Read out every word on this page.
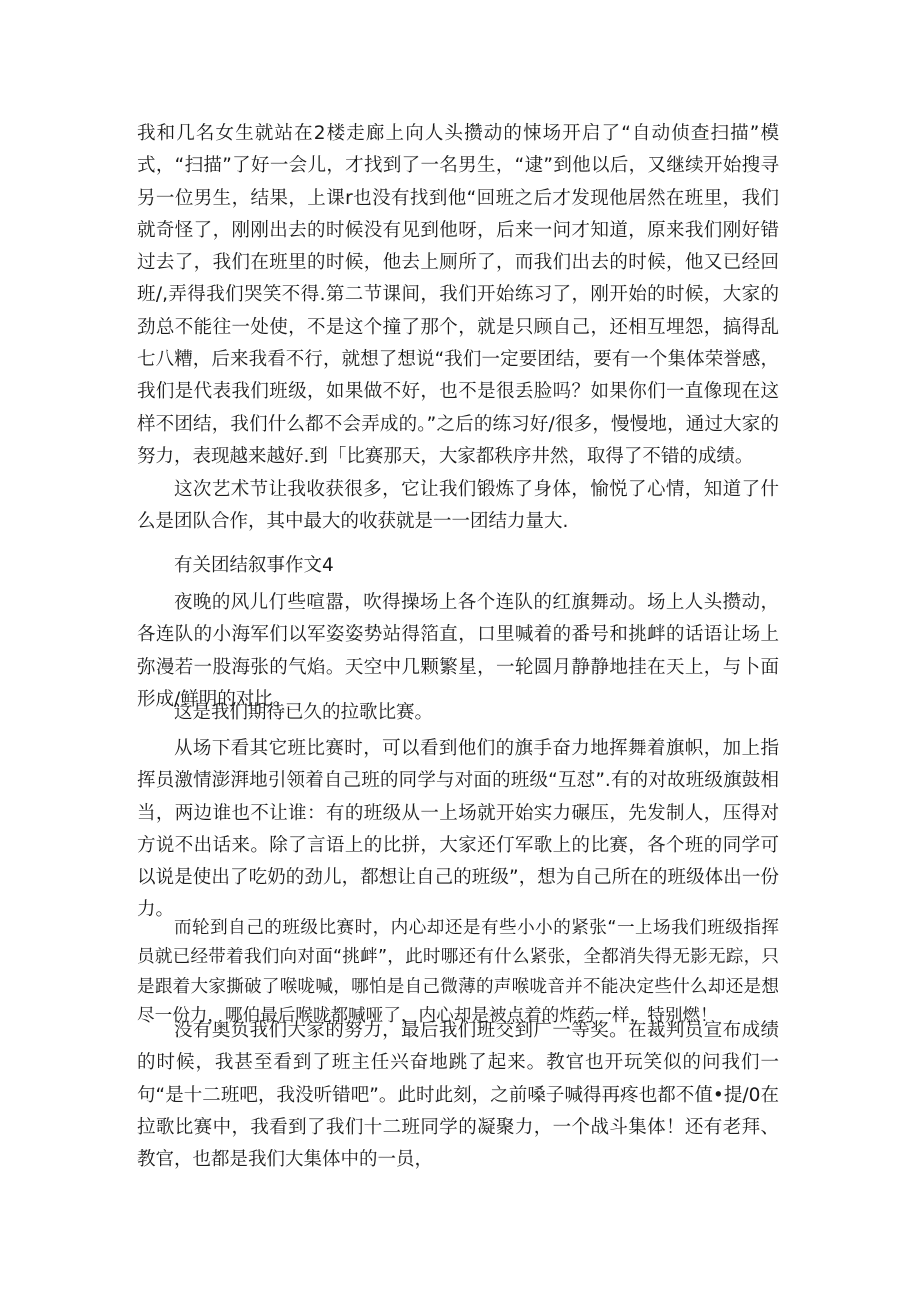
我和几名女生就站在2楼走廊上向人头攒动的悚场开启了“自动侦查扫描”模式，“扫描”了好一会儿，才找到了一名男生，“逮”到他以后，又继续开始搜寻另一位男生，结果，上课r也没有找到他“回班之后才发现他居然在班里，我们就奇怪了，刚刚出去的时候没有见到他呀，后来一问才知道，原来我们刚好错过去了，我们在班里的时候，他去上厕所了，而我们出去的时候，他又已经回班/,弄得我们哭笑不得.第二节课间，我们开始练习了，刚开始的时候，大家的劲总不能往一处使，不是这个撞了那个，就是只顾自己，还相互埋怨，搞得乱七八糟，后来我看不行，就想了想说“我们一定要团结，要有一个集体荣誉感，我们是代表我们班级，如果做不好，也不是很丢脸吗？如果你们一直像现在这样不团结，我们什么都不会弄成的。”之后的练习好/很多，慢慢地，通过大家的努力，表现越来越好.到「比赛那天，大家都秩序井然，取得了不错的成绩。

这次艺术节让我收获很多，它让我们锻炼了身体，愉悦了心情，知道了什么是团队合作，其中最大的收获就是一一团结力量大.

有关团结叙事作文4

夜晚的风儿仃些喧嚣，吹得操场上各个连队的红旗舞动。场上人头攒动，各连队的小海军们以军姿姿势站得箔直，口里喊着的番号和挑衅的话语让场上弥漫若一股海张的气焰。天空中几颗繁星，一轮圆月静静地挂在天上，与卜面形成/鲜明的对比。

这是我们期待已久的拉歌比赛。

从场下看其它班比赛时，可以看到他们的旗手奋力地挥舞着旗帜，加上指挥员激情澎湃地引领着自己班的同学与对面的班级“互怼”.有的对故班级旗鼓相当，两边谁也不让谁：有的班级从一上场就开始实力碾压，先发制人，压得对方说不出话来。除了言语上的比拼，大家还仃军歌上的比赛，各个班的同学可以说是使出了吃奶的劲儿，都想让自己的班级”，想为自己所在的班级体出一份力。

而轮到自己的班级比赛时，内心却还是有些小小的紧张“一上场我们班级指挥员就已经带着我们向对面“挑衅”，此时哪还有什么紧张，全都消失得无影无踪，只是跟着大家撕破了喉咙喊，哪怕是自己微薄的声喉咙音并不能决定些什么却还是想尽一份力，哪伯最后喉咙都喊哑了，内心却是被点着的炸药一样，特别燃！

没有奥负我们大家的努力，最后我们班交到广一等奖。在裁判员宣布成绩的时候，我甚至看到了班主任兴奋地跳了起来。教官也开玩笑似的问我们一句“是十二班吧，我没听错吧”。此时此刻，之前嗓子喊得再疼也都不值•提/0在拉歌比赛中，我看到了我们十二班同学的凝聚力，一个战斗集体！还有老拜、教官，也都是我们大集体中的一员，
